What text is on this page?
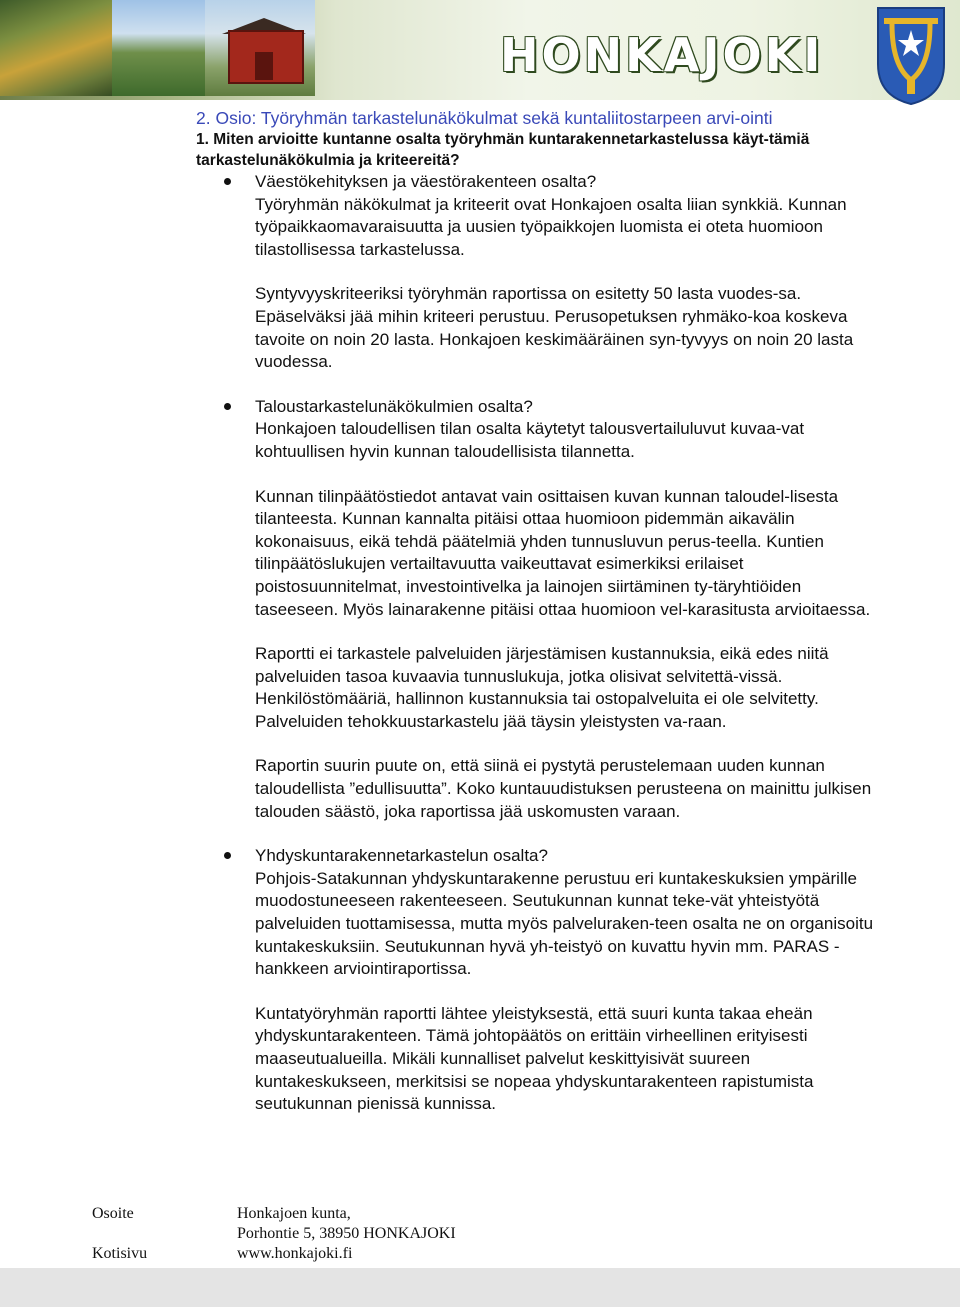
HONKAJOKI

2. Osio: Työryhmän tarkastelunäkökulmat sekä kuntaliitostarpeen arvi-ointi

1. Miten arvioitte kuntanne osalta työryhmän kuntarakennetarkastelussa käyt-tämiä tarkastelunäkökulmia ja kriteereitä?

Väestökehityksen ja väestörakenteen osalta?

Työryhmän näkökulmat ja kriteerit ovat Honkajoen osalta liian synkkiä. Kunnan työpaikkaomavaraisuutta ja uusien työpaikkojen luomista ei oteta huomioon tilastollisessa tarkastelussa.

Syntyvyyskriteeriksi työryhmän raportissa on esitetty 50 lasta vuodes-sa. Epäselväksi jää mihin kriteeri perustuu. Perusopetuksen ryhmäko-koa koskeva tavoite on noin 20 lasta. Honkajoen keskimääräinen syn-tyvyys on noin 20 lasta vuodessa.

Taloustarkastelunäkökulmien osalta?

Honkajoen taloudellisen tilan osalta käytetyt talousvertailuluvut kuvaa-vat kohtuullisen hyvin kunnan taloudellisista tilannetta.

Kunnan tilinpäätöstiedot antavat vain osittaisen kuvan kunnan taloudel-lisesta tilanteesta. Kunnan kannalta pitäisi ottaa huomioon pidemmän aikavälin kokonaisuus, eikä tehdä päätelmiä yhden tunnusluvun perus-teella. Kuntien tilinpäätöslukujen vertailtavuutta vaikeuttavat esimerkiksi erilaiset poistosuunnitelmat, investointivelka ja lainojen siirtäminen ty-täryhtiöiden taseeseen. Myös lainarakenne pitäisi ottaa huomioon vel-karasitusta arvioitaessa.

Raportti ei tarkastele palveluiden järjestämisen kustannuksia, eikä edes niitä palveluiden tasoa kuvaavia tunnuslukuja, jotka olisivat selvitettä-vissä. Henkilöstömääriä, hallinnon kustannuksia tai ostopalveluita ei ole selvitetty. Palveluiden tehokkuustarkastelu jää täysin yleistysten va-raan.

Raportin suurin puute on, että siinä ei pystytä perustelemaan uuden kunnan taloudellista ”edullisuutta”. Koko kuntauudistuksen perusteena on mainittu julkisen talouden säästö, joka raportissa jää uskomusten varaan.

Yhdyskuntarakennetarkastelun osalta?

Pohjois-Satakunnan yhdyskuntarakenne perustuu eri kuntakeskuksien ympärille muodostuneeseen rakenteeseen. Seutukunnan kunnat teke-vät yhteistyötä palveluiden tuottamisessa, mutta myös palveluraken-teen osalta ne on organisoitu kuntakeskuksiin. Seutukunnan hyvä yh-teistyö on kuvattu hyvin mm. PARAS -hankkeen arviointiraportissa.

Kuntatyöryhmän raportti lähtee yleistyksestä, että suuri kunta takaa eheän yhdyskuntarakenteen. Tämä johtopäätös on erittäin virheellinen erityisesti maaseutualueilla. Mikäli kunnalliset palvelut keskittyisivät suureen kuntakeskukseen, merkitsisi se nopeaa yhdyskuntarakenteen rapistumista seutukunnan pienissä kunnissa.

Osoite	Honkajoen kunta,
Porhontie 5, 38950 HONKAJOKI
Kotisivu	www.honkajoki.fi
